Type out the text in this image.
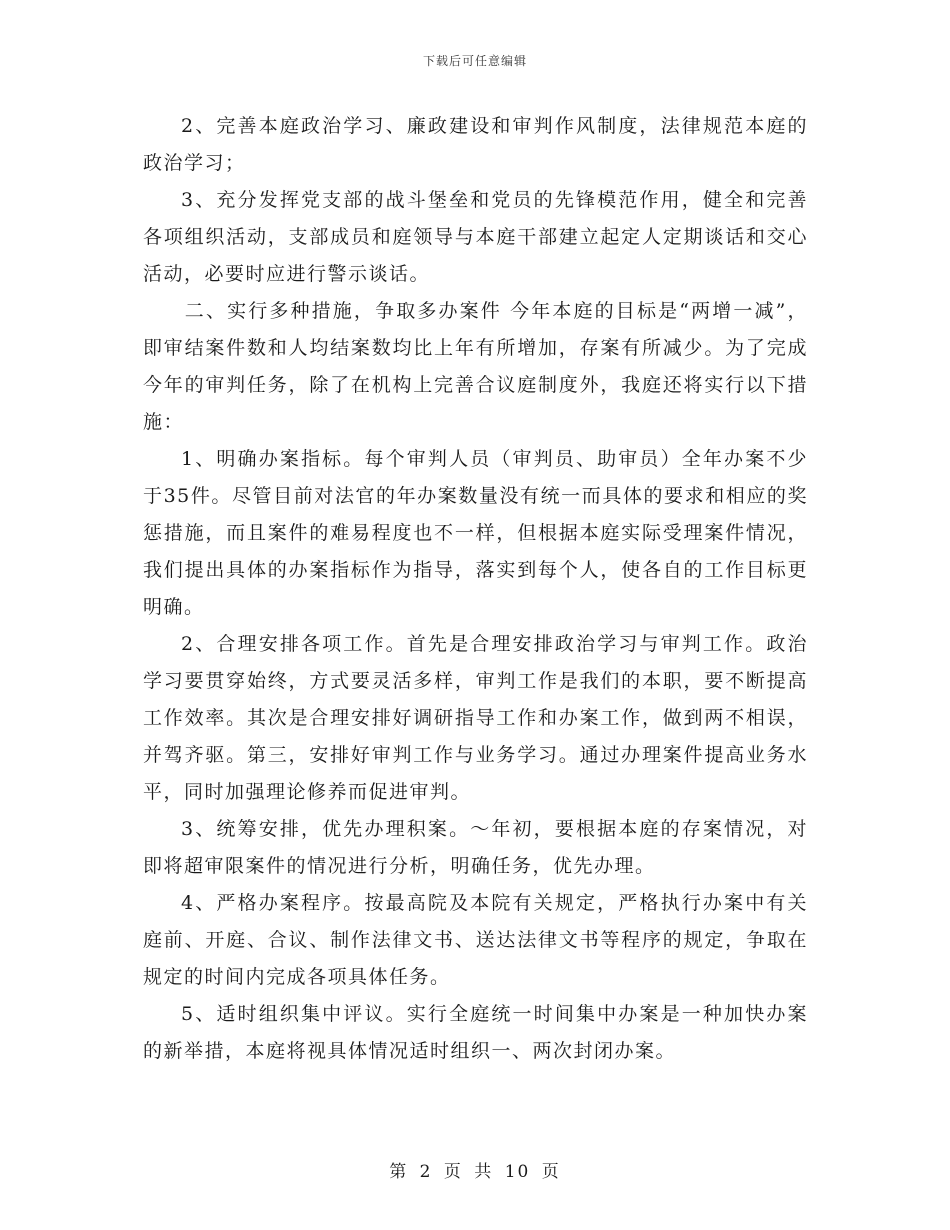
下载后可任意编辑

2、完善本庭政治学习、廉政建设和审判作风制度，法律规范本庭的政治学习；

3、充分发挥党支部的战斗堡垒和党员的先锋模范作用，健全和完善各项组织活动，支部成员和庭领导与本庭干部建立起定人定期谈话和交心活动，必要时应进行警示谈话。

二、实行多种措施，争取多办案件 今年本庭的目标是“两增一减”，即审结案件数和人均结案数均比上年有所增加，存案有所减少。为了完成今年的审判任务，除了在机构上完善合议庭制度外，我庭还将实行以下措施：

1、明确办案指标。每个审判人员（审判员、助审员）全年办案不少于35件。尽管目前对法官的年办案数量没有统一而具体的要求和相应的奖惩措施，而且案件的难易程度也不一样，但根据本庭实际受理案件情况，我们提出具体的办案指标作为指导，落实到每个人，使各自的工作目标更明确。

2、合理安排各项工作。首先是合理安排政治学习与审判工作。政治学习要贯穿始终，方式要灵活多样，审判工作是我们的本职，要不断提高工作效率。其次是合理安排好调研指导工作和办案工作，做到两不相误，并驾齐驱。第三，安排好审判工作与业务学习。通过办理案件提高业务水平，同时加强理论修养而促进审判。

3、统筹安排，优先办理积案。～年初，要根据本庭的存案情况，对即将超审限案件的情况进行分析，明确任务，优先办理。

4、严格办案程序。按最高院及本院有关规定，严格执行办案中有关庭前、开庭、合议、制作法律文书、送达法律文书等程序的规定，争取在规定的时间内完成各项具体任务。

5、适时组织集中评议。实行全庭统一时间集中办案是一种加快办案的新举措，本庭将视具体情况适时组织一、两次封闭办案。

第 2 页 共 10 页
